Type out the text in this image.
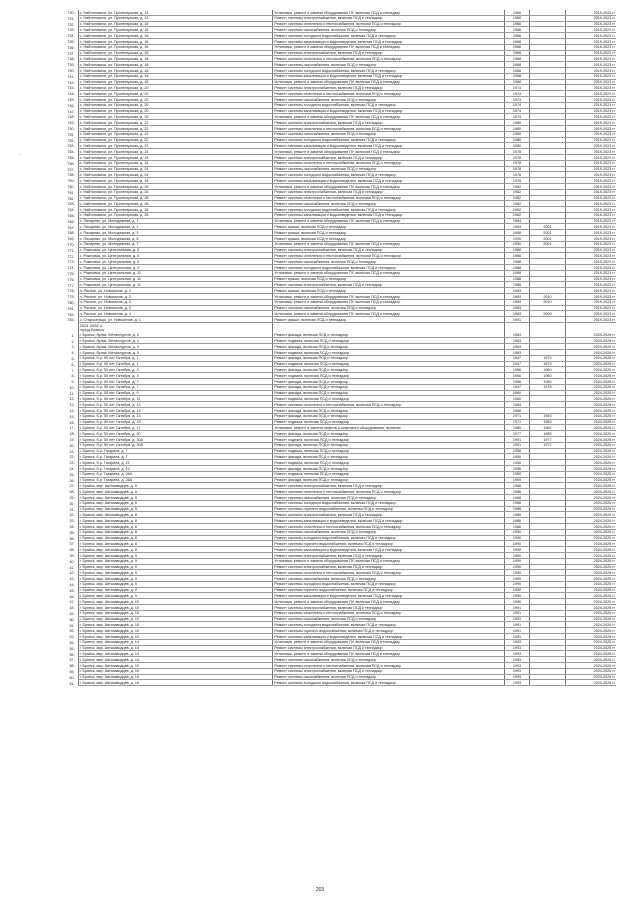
730.	с. Найтоповичи, ул. Пролетарская, д. 14	Установка, ремонт и замена оборудования ПУ, включая ПСД и технадзор	1966		2019-2023 гг
731.	с. Найтоповичи, ул. Пролетарская, д. 14	Ремонт системы электроснабжения, включая ПСД и технадзор	1966		2019-2023 гг
732.	с. Найтоповичи, ул. Пролетарская, д. 16	Ремонт системы отопления и теплоснабжения, включая ПСД и технадзор	1966		2019-2023 гг
733.	с. Найтоповичи, ул. Пролетарская, д. 16	Ремонт системы газоснабжения, включая ПСД и технадзор	1966		2019-2023 гг
734.	с. Найтоповичи, ул. Пролетарская, д. 16	Ремонт системы холодного водоснабжения, включая ПСД и технадзор	1966		2019-2023 гг
735.	с. Найтоповичи, ул. Пролетарская, д. 16	Ремонт системы канализации и водоотведения, включая ПСД и технадзор	1966		2019-2023 гг
736.	с. Найтоповичи, ул. Пролетарская, д. 16	Установка, ремонт и замена оборудования ПУ, включая ПСД и технадзор	1966		2019-2023 гг
737.	с. Найтоповичи, ул. Пролетарская, д. 16	Ремонт системы электроснабжения, включая ПСД и технадзор	1966		2019-2023 гг
738.	с. Найтоповичи, ул. Пролетарская, д. 18	Ремонт системы отопления и теплоснабжения, включая ПСД и технадзор	1968		2019-2023 гг
739.	с. Найтоповичи, ул. Пролетарская, д. 18	Ремонт системы газоснабжения, включая ПСД и технадзор	1968		2019-2023 гг
740.	с. Найтоповичи, ул. Пролетарская, д. 18	Ремонт системы холодного водоснабжения, включая ПСД и технадзор	1968		2019-2023 гг
741.	с. Найтоповичи, ул. Пролетарская, д. 18	Ремонт системы канализации и водоотведения, включая ПСД и технадзор	1968		2019-2023 гг
742.	с. Найтоповичи, ул. Пролетарская, д. 18	Установка, ремонт и замена оборудования ПУ, включая ПСД и технадзор	1968		2019-2023 гг
743.	с. Найтоповичи, ул. Пролетарская, д. 20	Ремонт системы электроснабжения, включая ПСД и технадзор	1974		2019-2023 гг
744.	с. Найтоповичи, ул. Пролетарская, д. 20	Ремонт системы отопления и теплоснабжения, включая ПСД и технадзор	1974		2019-2023 гг
745.	с. Найтоповичи, ул. Пролетарская, д. 20	Ремонт системы газоснабжения, включая ПСД и технадзор	1974		2019-2023 гг
746.	с. Найтоповичи, ул. Пролетарская, д. 20	Ремонт системы холодного водоснабжения, включая ПСД и технадзор	1974		2019-2023 гг
747.	с. Найтоповичи, ул. Пролетарская, д. 20	Ремонт системы канализации и водоотведения, включая ПСД и технадзор	1974		2019-2023 гг
748.	с. Найтоповичи, ул. Пролетарская, д. 20	Установка, ремонт и замена оборудования ПУ, включая ПСД и технадзор	1974		2019-2023 гг
749.	с. Найтоповичи, ул. Пролетарская, д. 22	Ремонт системы электроснабжения, включая ПСД и технадзор	1980		2019-2023 гг
750.	с. Найтоповичи, ул. Пролетарская, д. 22	Ремонт системы отопления и теплоснабжения, включая ПСД и технадзор	1980		2019-2023 гг
751.	с. Найтоповичи, ул. Пролетарская, д. 22	Ремонт системы газоснабжения, включая ПСД и технадзор	1980		2019-2023 гг
752.	с. Найтоповичи, ул. Пролетарская, д. 22	Ремонт системы холодного водоснабжения, включая ПСД и технадзор	1980		2019-2023 гг
753.	с. Найтоповичи, ул. Пролетарская, д. 22	Ремонт системы канализации и водоотведения, включая ПСД и технадзор	1980		2019-2023 гг
754.	с. Найтоповичи, ул. Пролетарская, д. 24	Установка, ремонт и замена оборудования ПУ, включая ПСД и технадзор	1978		2019-2023 гг
755.	с. Найтоповичи, ул. Пролетарская, д. 24	Ремонт системы электроснабжения, включая ПСД и технадзор	1978		2019-2023 гг
756.	с. Найтоповичи, ул. Пролетарская, д. 24	Ремонт системы отопления и теплоснабжения, включая ПСД и технадзор	1978		2019-2023 гг
757.	с. Найтоповичи, ул. Пролетарская, д. 24	Ремонт системы газоснабжения, включая ПСД и технадзор	1978		2019-2023 гг
758.	с. Найтоповичи, ул. Пролетарская, д. 24	Ремонт системы холодного водоснабжения, включая ПСД и технадзор	1978		2019-2023 гг
759.	с. Найтоповичи, ул. Пролетарская, д. 24	Ремонт системы канализации и водоотведения, включая ПСД и технадзор	1978		2019-2023 гг
760.	с. Найтоповичи, ул. Пролетарская, д. 26	Установка, ремонт и замена оборудования ПУ, включая ПСД и технадзор	1982		2019-2023 гг
761.	с. Найтоповичи, ул. Пролетарская, д. 26	Ремонт системы электроснабжения, включая ПСД и технадзор	1982		2019-2023 гг
762.	с. Найтоповичи, ул. Пролетарская, д. 26	Ремонт системы отопления и теплоснабжения, включая ПСД и технадзор	1982		2019-2023 гг
763.	с. Найтоповичи, ул. Пролетарская, д. 26	Ремонт системы газоснабжения, включая ПСД и технадзор	1982		2019-2023 гг
764.	с. Найтоповичи, ул. Пролетарская, д. 26	Ремонт системы холодного водоснабжения, включая ПСД и технадзор	1982		2019-2023 гг
765.	с. Найтоповичи, ул. Пролетарская, д. 26	Ремонт системы канализации и водоотведения, включая ПСД и технадзор	1982		2019-2023 гг
766.	с. Писарево, ул. Молодежная, д. 1	Установка, ремонт и замена оборудования ПУ, включая ПСД и технадзор	1984		2019-2023 гг
767.	с. Писарево, ул. Молодежная, д. 1	Ремонт крыши, включая ПСД и технадзор	1984	2001	2019-2023 гг
768.	с. Писарево, ул. Молодежная, д. 3	Ремонт крыши, включая ПСД и технадзор	1986	2001	2019-2023 гг
769.	с. Писарево, ул. Молодежная, д. 5	Ремонт крыши, включая ПСД и технадзор	1990	2001	2019-2023 гг
770.	с. Писарево, ул. Молодежная, д. 7	Установка, ремонт и замена оборудования ПУ, включая ПСД и технадзор	1990	2001	2019-2023 гг
771.	с. Рожновка, ул. Центральная, д. 5	Ремонт системы электроснабжения, включая ПСД и технадзор	1988		2019-2023 гг
772.	с. Рожновка, ул. Центральная, д. 5	Ремонт системы отопления и теплоснабжения, включая ПСД и технадзор	1988		2019-2023 гг
773.	с. Рожновка, ул. Центральная, д. 5	Ремонт системы газоснабжения, включая ПСД и технадзор	1988		2019-2023 гг
774.	с. Рожновка, ул. Центральная, д. 5	Ремонт системы холодного водоснабжения, включая ПСД и технадзор	1988		2019-2023 гг
775.	с. Рожновка, ул. Центральная, д. 11	Установка, ремонт и замена оборудования ПУ, включая ПСД и технадзор	1988		2019-2023 гг
776.	с. Рожновка, ул. Центральная, д. 11	Ремонт крыши, включая ПСД и технадзор	1988		2019-2023 гг
777.	с. Рожновка, ул. Центральная, д. 11	Ремонт системы электроснабжения, включая ПСД и технадзор	1988		2019-2023 гг
778.	п. Рясное, ул. Новоселов, д. 2	Ремонт крыши, включая ПСД и технадзор	1983		2019-2023 гг
779.	п. Рясное, ул. Новоселов, д. 2	Установка, ремонт и замена оборудования ПУ, включая ПСД и технадзор	1983	2010	2019-2023 гг
780.	п. Рясное, ул. Новоселов, д. 3	Установка, ремонт и замена оборудования ПУ, включая ПСД и технадзор	1983	2010	2019-2023 гг
781.	п. Рясное, ул. Новоселов, д. 3	Ремонт системы газоснабжения, включая ПСД и технадзор	1983		2019-2023 гг
782.	п. Рясное, ул. Новоселов, д. 4	Установка, ремонт и замена оборудования ПУ, включая ПСД и технадзор	1983	2009	2019-2023 гг
783.	с. Старосельцо, ул. Новоселов, д. 1	Ремонт крыши, включая ПСД и технадзор	1991		2019-2023 гг
	2024-2026 гг				
	город Брянск				
1.	г. Брянск, бульв. Металлургов, д. 1	Ремонт фасада, включая ПСД и технадзор	1963		2024-2026 гг
2.	г. Брянск, бульв. Металлургов, д. 1	Ремонт подвала, включая ПСД и технадзор	1963		2024-2026 гг
3.	г. Брянск, бульв. Металлургов, д. 3	Ремонт фасада, включая ПСД и технадзор	1963		2024-2026 гг
4.	г. Брянск, бульв. Металлургов, д. 3	Ремонт подвала, включая ПСД и технадзор	1963		2024-2026 гг
5.	г. Брянск, б-р. 50 лет Октября, д. 1	Ремонт фасада, включая ПСД и технадзор	1947	1979	2024-2026 гг
6.	г. Брянск, б-р. 50 лет Октября, д. 1	Ремонт подвала, включая ПСД и технадзор	1947	1979	2024-2026 гг
7.	г. Брянск, б-р. 50 лет Октября, д. 3	Ремонт фасада, включая ПСД и технадзор	1956	1980	2024-2026 гг
8.	г. Брянск, б-р. 50 лет Октября, д. 3	Ремонт подвала, включая ПСД и технадзор	1956	1980	2024-2026 гг
9.	г. Брянск, б-р. 50 лет Октября, д. 7	Ремонт фасада, включая ПСД и технадзор	1956	1980	2024-2026 гг
10.	г. Брянск, б-р. 50 лет Октября, д. 7	Ремонт фасада, включая ПСД и технадзор	1947	1978	2024-2026 гг
11.	г. Брянск, б-р. 50 лет Октября, д. 9	Ремонт фасада, включая ПСД и технадзор	1960		2024-2026 гг
12.	г. Брянск, б-р. 50 лет Октября, д. 11	Ремонт подвала, включая ПСД и технадзор	1960		2024-2026 гг
13.	г. Брянск, б-р. 50 лет Октября, д. 13	Ремонт системы отопления и теплоснабжения, включая ПСД и технадзор	1964		2024-2026 гг
14.	г. Брянск, б-р. 50 лет Октября, д. 13	Ремонт фасада, включая ПСД и технадзор	1968		2024-2026 гг
15.	г. Брянск, б-р. 50 лет Октября, д. 13	Ремонт фасада, включая ПСД и технадзор	1971	1983	2024-2026 гг
16.	г. Брянск, б-р. 50 лет Октября, д. 15	Ремонт подвала, включая ПСД и технадзор	1971	1983	2024-2026 гг
17.	г. Брянск, б-р. 50 лет Октября, д. 17	Установка, ремонт и замена лифтов и лифтового оборудования, включая	1980	1982	2024-2026 гг
18.	г. Брянск, б-р. 50 лет Октября, д. 30	Ремонт фасада, включая ПСД и технадзор	1977	1985	2024-2026 гг
19.	г. Брянск, б-р. 50 лет Октября, д. 30А	Ремонт подвала, включая ПСД и технадзор	1991	1977	2024-2026 гг
20.	г. Брянск, б-р. 50 лет Октября, д. 30А	Ремонт фасада, включая ПСД и технадзор	1991	1977	2024-2026 гг
21.	г. Брянск, б-р. Гагарина, д. 7	Ремонт подвала, включая ПСД и технадзор	1956		2024-2026 гг
22.	г. Брянск, б-р. Гагарина, д. 7	Ремонт фасада, включая ПСД и технадзор	1956		2024-2026 гг
23.	г. Брянск, б-р. Гагарина, д. 22	Ремонт подвала, включая ПСД и технадзор	1956		2024-2026 гг
24.	г. Брянск, б-р. Гагарина, д. 22	Ремонт фасада, включая ПСД и технадзор	1956		2024-2026 гг
25.	г. Брянск, б-р. Гагарина, д. 26А	Ремонт подвала, включая ПСД и технадзор	1959		2024-2026 гг
26.	г. Брянск, б-р. Гагарина, д. 26А	Ремонт фасада, включая ПСД и технадзор	1959		2024-2026 гг
27.	г. Брянск, мкр. Автозаводцев, д. 5	Ремонт системы электроснабжения, включая ПСД и технадзор	1986		2024-2026 гг
28.	г. Брянск, мкр. Автозаводцев, д. 5	Ремонт системы отопления и теплоснабжения, включая ПСД и технадзор	1986		2024-2026 гг
29.	г. Брянск, мкр. Автозаводцев, д. 5	Ремонт системы газоснабжения, включая ПСД и технадзор	1986		2024-2026 гг
30.	г. Брянск, мкр. Автозаводцев, д. 5	Ремонт системы холодного водоснабжения, включая ПСД и технадзор	1986		2024-2026 гг
31.	г. Брянск, мкр. Автозаводцев, д. 5	Ремонт системы горячего водоснабжения, включая ПСД и технадзор	1986		2024-2026 гг
32.	г. Брянск, мкр. Автозаводцев, д. 8	Ремонт системы электроснабжения, включая ПСД и технадзор	1986		2024-2026 гг
33.	г. Брянск, мкр. Автозаводцев, д. 8	Ремонт системы канализации и водоотведения, включая ПСД и технадзор	1986		2024-2026 гг
34.	г. Брянск, мкр. Автозаводцев, д. 8	Ремонт системы отопления и теплоснабжения, включая ПСД и технадзор	1986		2024-2026 гг
35.	г. Брянск, мкр. Автозаводцев, д. 8	Ремонт системы газоснабжения, включая ПСД и технадзор	1990		2024-2026 гг
36.	г. Брянск, мкр. Автозаводцев, д. 8	Ремонт системы холодного водоснабжения, включая ПСД и технадзор	1990		2024-2026 гг
37.	г. Брянск, мкр. Автозаводцев, д. 8	Ремонт системы горячего водоснабжения, включая ПСД и технадзор	1990		2024-2026 гг
38.	г. Брянск, мкр. Автозаводцев, д. 8	Ремонт системы канализации и водоотведения, включая ПСД и технадзор	1990		2024-2026 гг
39.	г. Брянск, мкр. Автозаводцев, д. 9	Ремонт системы электроснабжения, включая ПСД и технадзор	1990		2024-2026 гг
40.	г. Брянск, мкр. Автозаводцев, д. 9	Установка, ремонт и замена оборудования ПУ, включая ПСД и технадзор	1990		2024-2026 гг
41.	г. Брянск, мкр. Автозаводцев, д. 9	Ремонт системы электроснабжения, включая ПСД и технадзор	1990		2024-2026 гг
42.	г. Брянск, мкр. Автозаводцев, д. 9	Ремонт системы отопления и теплоснабжения, включая ПСД и технадзор	1990		2024-2026 гг
43.	г. Брянск, мкр. Автозаводцев, д. 9	Ремонт системы газоснабжения, включая ПСД и технадзор	1990		2024-2026 гг
44.	г. Брянск, мкр. Автозаводцев, д. 9	Ремонт системы холодного водоснабжения, включая ПСД и технадзор	1990		2024-2026 гг
45.	г. Брянск, мкр. Автозаводцев, д. 9	Ремонт системы горячего водоснабжения, включая ПСД и технадзор	1990		2024-2026 гг
46.	г. Брянск, мкр. Автозаводцев, д. 9	Ремонт системы канализации и водоотведения, включая ПСД и технадзор	1990		2024-2026 гг
47.	г. Брянск, мкр. Автозаводцев, д. 10	Установка, ремонт и замена оборудования ПУ, включая ПСД и технадзор	1990		2024-2026 гг
48.	г. Брянск, мкр. Автозаводцев, д. 10	Ремонт системы электроснабжения, включая ПСД и технадзор	1991		2024-2026 гг
49.	г. Брянск, мкр. Автозаводцев, д. 10	Ремонт системы отопления и теплоснабжения, включая ПСД и технадзор	1991		2024-2026 гг
50.	г. Брянск, мкр. Автозаводцев, д. 10	Ремонт системы газоснабжения, включая ПСД и технадзор	1991		2024-2026 гг
51.	г. Брянск, мкр. Автозаводцев, д. 10	Ремонт системы холодного водоснабжения, включая ПСД и технадзор	1991		2024-2026 гг
52.	г. Брянск, мкр. Автозаводцев, д. 10	Ремонт системы горячего водоснабжения, включая ПСД и технадзор	1991		2024-2026 гг
53.	г. Брянск, мкр. Автозаводцев, д. 10	Ремонт системы канализации и водоотведения, включая ПСД и технадзор	1991		2024-2026 гг
54.	г. Брянск, мкр. Автозаводцев, д. 14	Установка, ремонт и замена оборудования ПУ, включая ПСД и технадзор	1993		2024-2026 гг
55.	г. Брянск, мкр. Автозаводцев, д. 14	Ремонт системы электроснабжения, включая ПСД и технадзор	1993		2024-2026 гг
56.	г. Брянск, мкр. Автозаводцев, д. 14	Установка, ремонт и замена оборудования ПУ, включая ПСД и технадзор	1993		2024-2026 гг
57.	г. Брянск, мкр. Автозаводцев, д. 14	Ремонт системы газоснабжения, включая ПСД и технадзор	1993		2024-2026 гг
58.	г. Брянск, мкр. Автозаводцев, д. 15	Ремонт системы отопления и теплоснабжения, включая ПСД и технадзор	1993		2024-2026 гг
59.	г. Брянск, мкр. Автозаводцев, д. 15	Ремонт системы электроснабжения, включая ПСД и технадзор	1993		2024-2026 гг
60.	г. Брянск, мкр. Автозаводцев, д. 15	Ремонт системы газоснабжения, включая ПСД и технадзор	1993		2024-2026 гг
61.	г. Брянск, мкр. Автозаводцев, д. 15	Ремонт системы холодного водоснабжения, включая ПСД и технадзор	1993		2024-2026 гг
·
203
